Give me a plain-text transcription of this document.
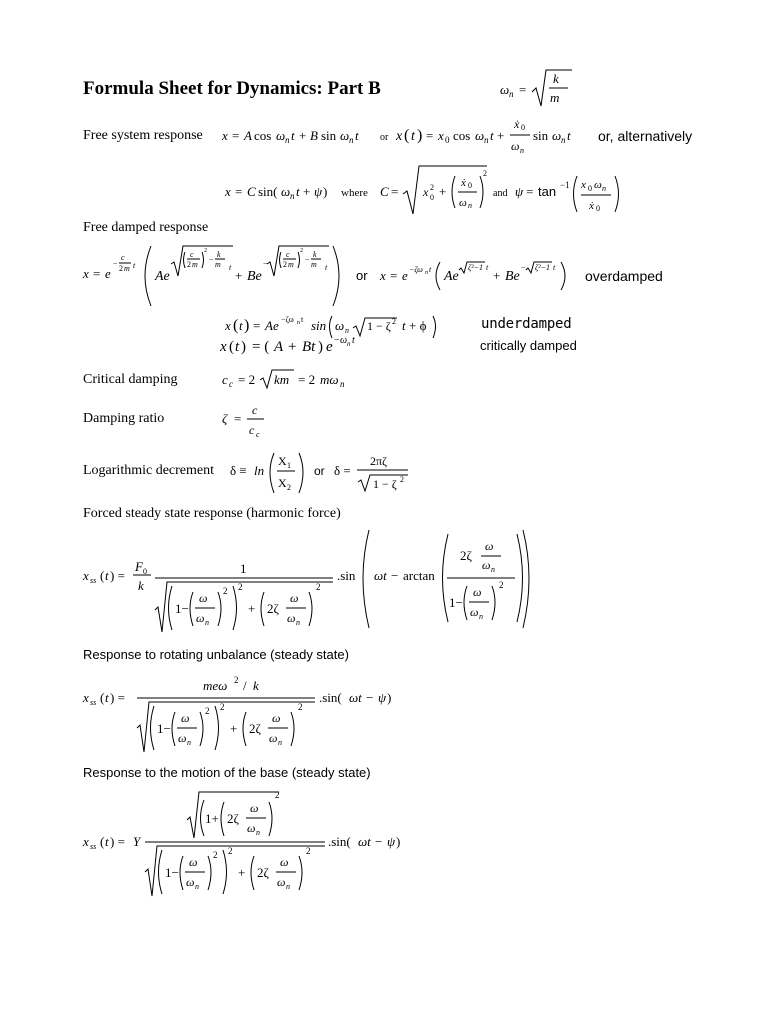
Formula Sheet for Dynamics: Part B	ω n =
k
m
Free system response x = A cos ω n t + B sin ω n t or x ( t ) = x 0 cos ω n t +
ẋ 0
ω n
sin ω n t or, alternatively
x = C sin( ω n t + ψ ) where C = x 2
0 +
ẋ 0
ω n
2
and ψ = tan −1 x 0 ω n
ẋ 0
Free damped response
x = e
−
c
2 m t
Ae
c
2 m
2
−
k
m t
+ Be
−
c
2 m
2
−
k
m t
or x = e −ζω n t Ae
ζ²−1 t
+ Be
− ζ²−1 t
overdamped
x ( t ) = Ae −ζω n t sin ω n 1 − ζ 2 t + ϕ	underdamped
x ( t ) = ( A + Bt ) e − ω n t	critically damped
Critical damping	c c = 2 km = 2 mω n
Damping ratio	ζ =
c
c c
Logarithmic decrement δ ≡ ln
X 1
X 2
or δ =
2πζ
1 − ζ 2
Forced steady state response (harmonic force)
x ss ( t ) =
F 0
k
1
1−
ω
ω n
2 2
+ 2ζ
ω
ω n
2
.sin ωt − arctan
2ζ
ω
ω n
1−
ω
ω n
2
Response to rotating unbalance (steady state)
x ss ( t ) =
meω 2 / k
1−
ω
ω n
2 2
+ 2ζ
ω
ω n
2
.sin( ωt − ψ )
Response to the motion of the base (steady state)
x ss ( t ) = Y
1+ 2ζ
ω
ω n
2
1−
ω
ω n
2 2
+ 2ζ
ω
ω n
2
.sin( ωt − ψ )
